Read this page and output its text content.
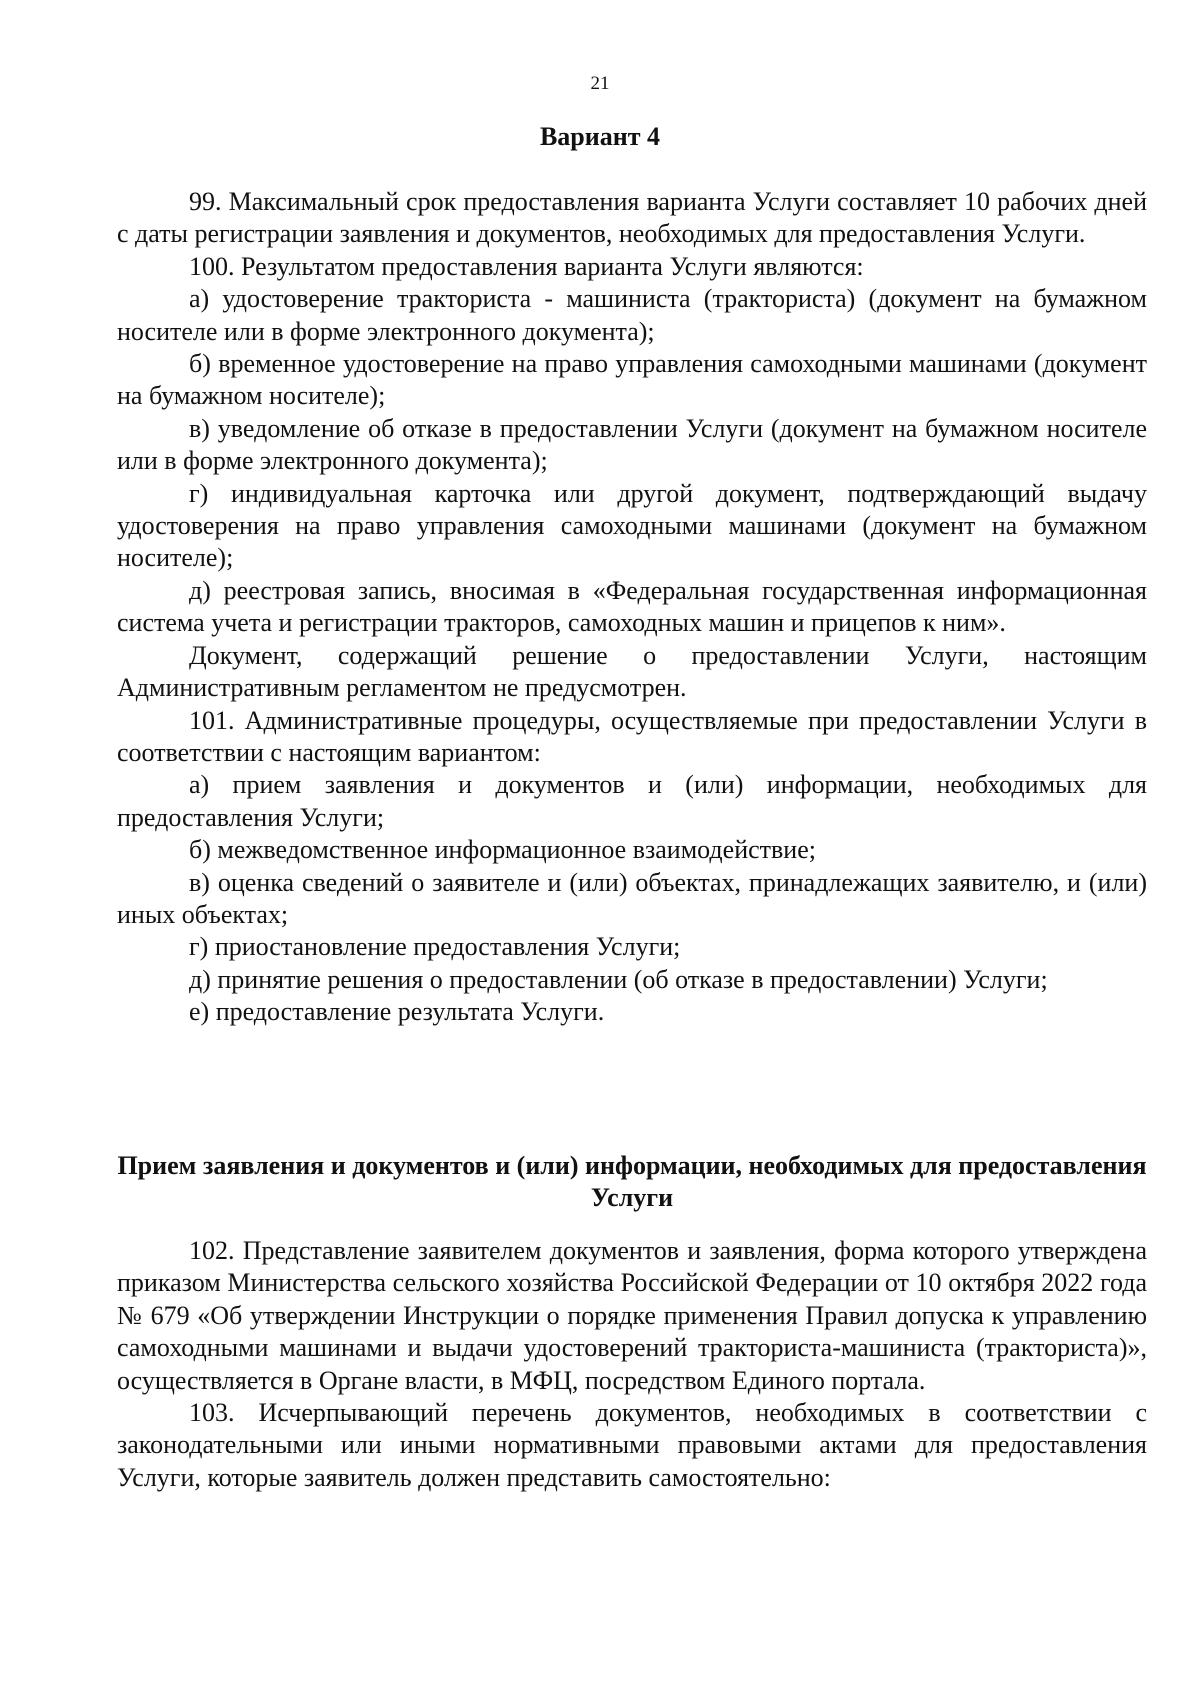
21
Вариант 4

99. Максимальный срок предоставления варианта Услуги составляет 10 рабочих дней с даты регистрации заявления и документов, необходимых для предоставления Услуги.

100. Результатом предоставления варианта Услуги являются:

а) удостоверение тракториста - машиниста (тракториста) (документ на бумажном носителе или в форме электронного документа);

б) временное удостоверение на право управления самоходными машинами (документ на бумажном носителе);

в) уведомление об отказе в предоставлении Услуги (документ на бумажном носителе или в форме электронного документа);

г) индивидуальная карточка или другой документ, подтверждающий выдачу удостоверения на право управления самоходными машинами (документ на бумажном носителе);

д) реестровая запись, вносимая в «Федеральная государственная информационная система учета и регистрации тракторов, самоходных машин и прицепов к ним».

Документ, содержащий решение о предоставлении Услуги, настоящим Административным регламентом не предусмотрен.

101. Административные процедуры, осуществляемые при предоставлении Услуги в соответствии с настоящим вариантом:

а) прием заявления и документов и (или) информации, необходимых для предоставления Услуги;

б) межведомственное информационное взаимодействие;

в) оценка сведений о заявителе и (или) объектах, принадлежащих заявителю, и (или) иных объектах;

г) приостановление предоставления Услуги;

д) принятие решения о предоставлении (об отказе в предоставлении) Услуги;

е) предоставление результата Услуги.

Прием заявления и документов и (или) информации, необходимых для предоставления Услуги

102. Представление заявителем документов и заявления, форма которого утверждена приказом Министерства сельского хозяйства Российской Федерации от 10 октября 2022 года № 679 «Об утверждении Инструкции о порядке применения Правил допуска к управлению самоходными машинами и выдачи удостоверений тракториста-машиниста (тракториста)», осуществляется в Органе власти, в МФЦ, посредством Единого портала.

103. Исчерпывающий перечень документов, необходимых в соответствии с законодательными или иными нормативными правовыми актами для предоставления Услуги, которые заявитель должен представить самостоятельно:
